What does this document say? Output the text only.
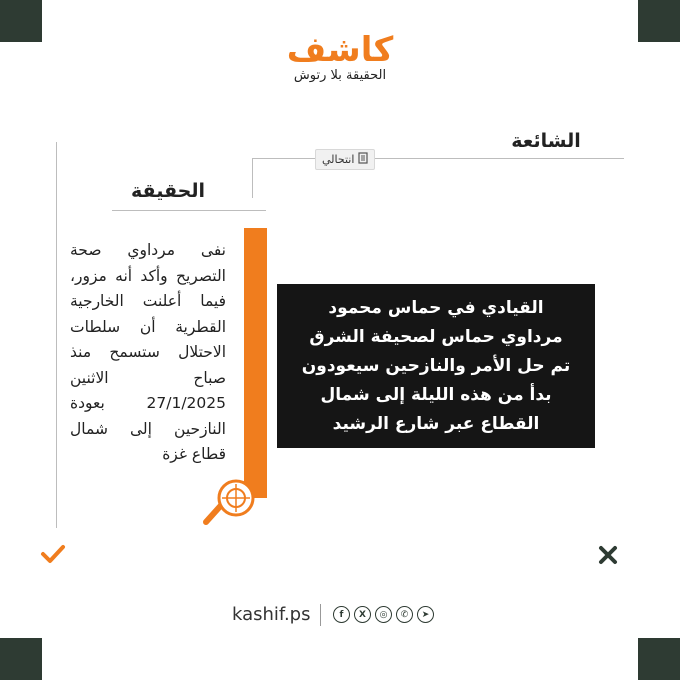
كاشف
الحقيقة بلا رتوش
الشائعة
انتحالي
الحقيقة
نفى مرداوي صحة التصريح وأكد أنه مزور، فيما أعلنت الخارجية القطرية أن سلطات الاحتلال ستسمح منذ صباح الاثنين 27/1/2025 بعودة النازحين إلى شمال قطاع غزة
القيادي في حماس محمود
مرداوي حماس لصحيفة الشرق
تم حل الأمر والنازحين سيعودون
بدأ من هذه الليلة إلى شمال
القطاع عبر شارع الرشيد
kashif.ps	f	X	◎	✆	➤
